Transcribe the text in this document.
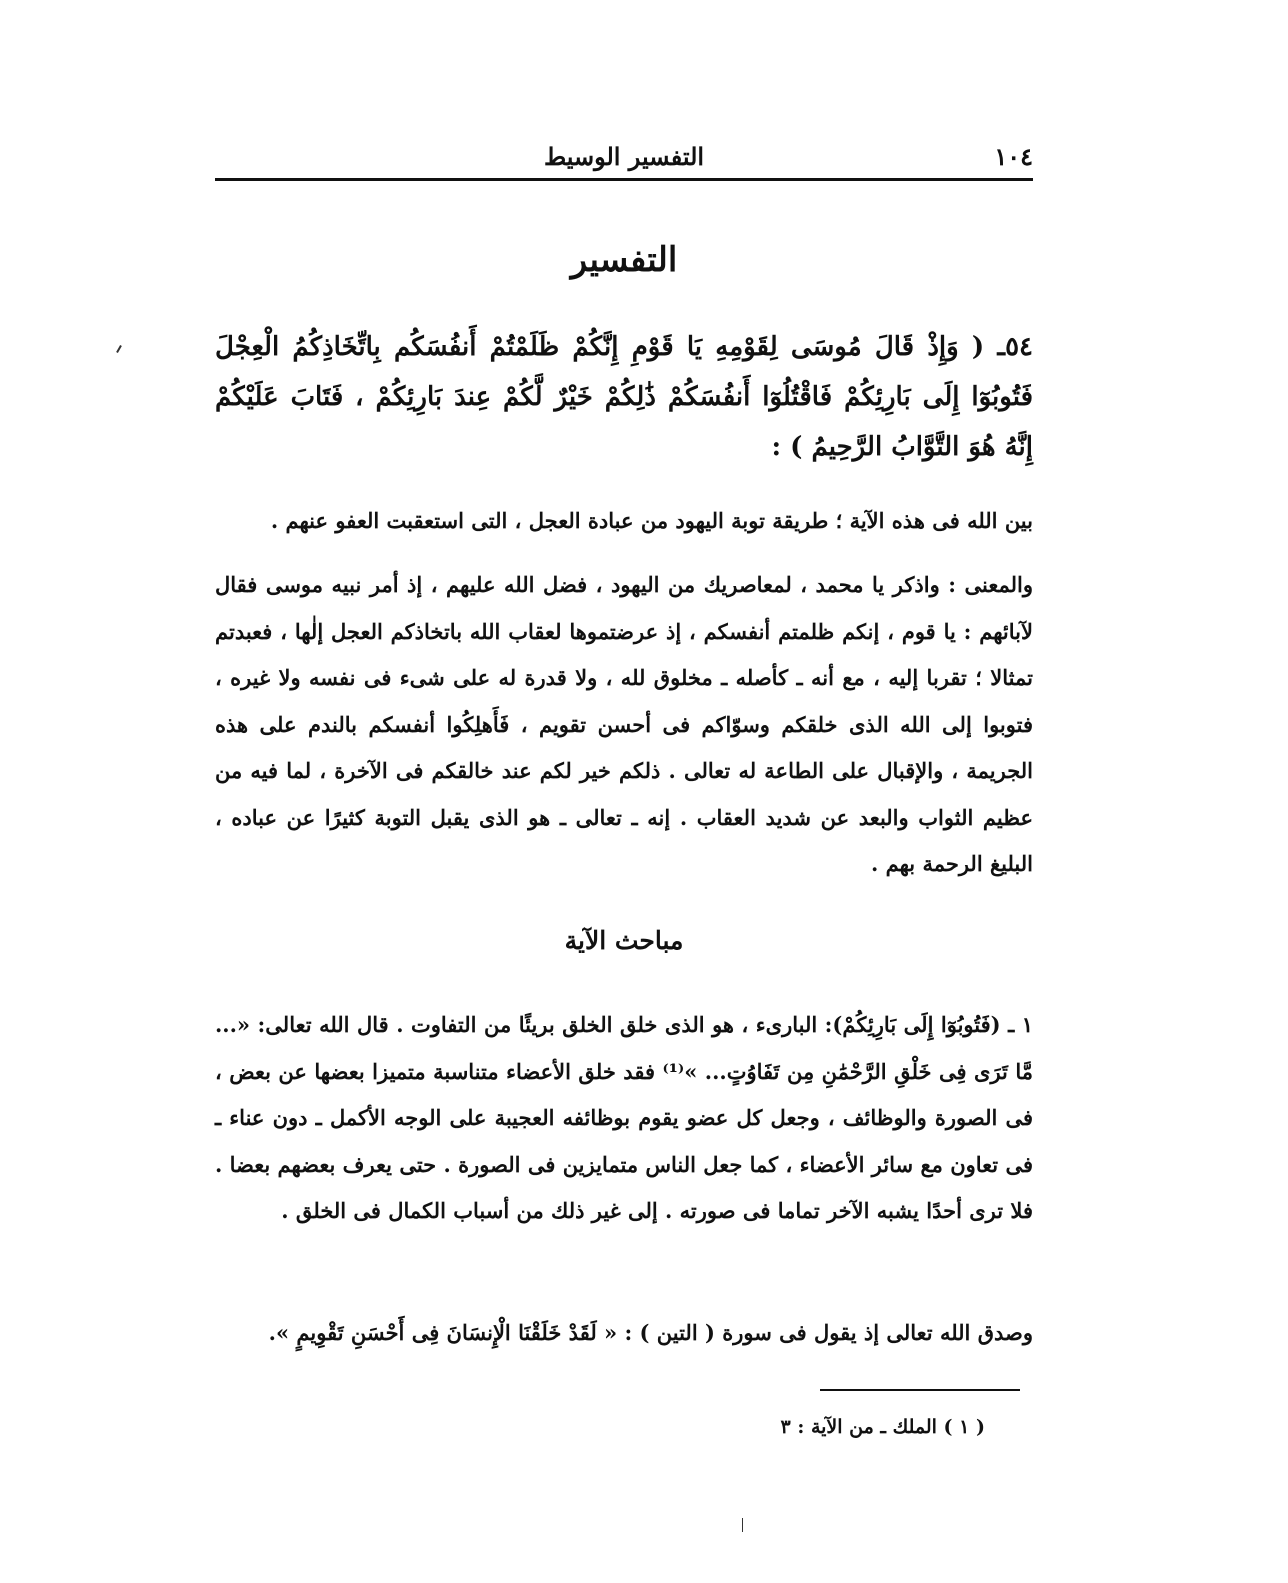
١٠٤
التفسير الوسيط
التفسير
٥٤ـ ( وَإِذْ قَالَ مُوسَى لِقَوْمِهِ يَا قَوْمِ إِنَّكُمْ ظَلَمْتُمْ أَنفُسَكُم بِاتِّخَاذِكُمُ الْعِجْلَ فَتُوبُوٓا إِلَى بَارِئِكُمْ فَاقْتُلُوٓا أَنفُسَكُمْ ذَٰلِكُمْ خَيْرٌ لَّكُمْ عِندَ بَارِئِكُمْ ، فَتَابَ عَلَيْكُمْ إِنَّهُ هُوَ التَّوَّابُ الرَّحِيمُ ) :
بين الله فى هذه الآية ؛ طريقة توبة اليهود من عبادة العجل ، التى استعقبت العفو عنهم .
والمعنى : واذكر يا محمد ، لمعاصريك من اليهود ، فضل الله عليهم ، إذ أمر نبيه موسى فقال لآبائهم : يا قوم ، إنكم ظلمتم أنفسكم ، إذ عرضتموها لعقاب الله باتخاذكم العجل إلٰها ، فعبدتم تمثالا ؛ تقربا إليه ، مع أنه ـ كأصله ـ مخلوق لله ، ولا قدرة له على شىء فى نفسه ولا غيره ، فتوبوا إلى الله الذى خلقكم وسوّاكم فى أحسن تقويم ، فَأَهلِكُوا أنفسكم بالندم على هذه الجريمة ، والإقبال على الطاعة له تعالى . ذلكم خير لكم عند خالقكم فى الآخرة ، لما فيه من عظيم الثواب والبعد عن شديد العقاب . إنه ـ تعالى ـ هو الذى يقبل التوبة كثيرًا عن عباده ، البليغ الرحمة بهم .
مباحث الآية
١ ـ (فَتُوبُوٓا إِلَى بَارِئِكُمْ): البارىء ، هو الذى خلق الخلق بريئًا من التفاوت . قال الله تعالى: «... مَّا تَرَى فِى خَلْقِ الرَّحْمَٰنِ مِن تَفَاوُتٍ... »⁽¹⁾ فقد خلق الأعضاء متناسبة متميزا بعضها عن بعض ، فى الصورة والوظائف ، وجعل كل عضو يقوم بوظائفه العجيبة على الوجه الأكمل ـ دون عناء ـ فى تعاون مع سائر الأعضاء ، كما جعل الناس متمايزين فى الصورة . حتى يعرف بعضهم بعضا . فلا ترى أحدًا يشبه الآخر تماما فى صورته . إلى غير ذلك من أسباب الكمال فى الخلق .
وصدق الله تعالى إذ يقول فى سورة ( التين ) : « لَقَدْ خَلَقْنَا الْإِنسَانَ فِى أَحْسَنِ تَقْوِيمٍ ».
( ١ ) الملك ـ من الآية : ٣
